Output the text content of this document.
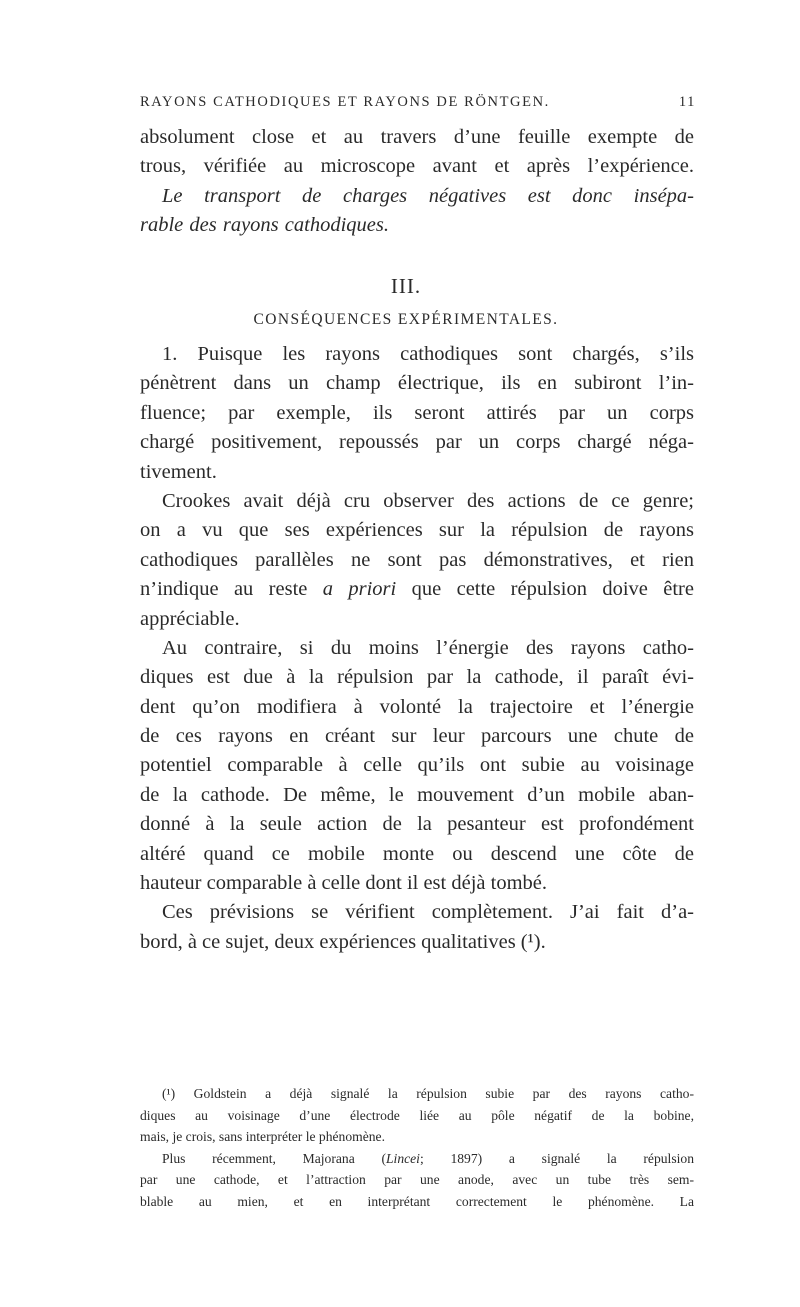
RAYONS CATHODIQUES ET RAYONS DE RÖNTGEN.	11
absolument close et au travers d’une feuille exempte de
trous, vérifiée au microscope avant et après l’expérience.
Le transport de charges négatives est donc insépa-
rable des rayons cathodiques.
III.
CONSÉQUENCES EXPÉRIMENTALES.
1. Puisque les rayons cathodiques sont chargés, s’ils
pénètrent dans un champ électrique, ils en subiront l’in-
fluence; par exemple, ils seront attirés par un corps
chargé positivement, repoussés par un corps chargé néga-
tivement.
Crookes avait déjà cru observer des actions de ce genre;
on a vu que ses expériences sur la répulsion de rayons
cathodiques parallèles ne sont pas démonstratives, et rien
n’indique au reste a priori que cette répulsion doive être
appréciable.
Au contraire, si du moins l’énergie des rayons catho-
diques est due à la répulsion par la cathode, il paraît évi-
dent qu’on modifiera à volonté la trajectoire et l’énergie
de ces rayons en créant sur leur parcours une chute de
potentiel comparable à celle qu’ils ont subie au voisinage
de la cathode. De même, le mouvement d’un mobile aban-
donné à la seule action de la pesanteur est profondément
altéré quand ce mobile monte ou descend une côte de
hauteur comparable à celle dont il est déjà tombé.
Ces prévisions se vérifient complètement. J’ai fait d’a-
bord, à ce sujet, deux expériences qualitatives (¹).
(¹) Goldstein a déjà signalé la répulsion subie par des rayons catho-
diques au voisinage d’une électrode liée au pôle négatif de la bobine,
mais, je crois, sans interpréter le phénomène.
Plus récemment, Majorana (Lincei; 1897) a signalé la répulsion
par une cathode, et l’attraction par une anode, avec un tube très sem-
blable au mien, et en interprétant correctement le phénomène. La
